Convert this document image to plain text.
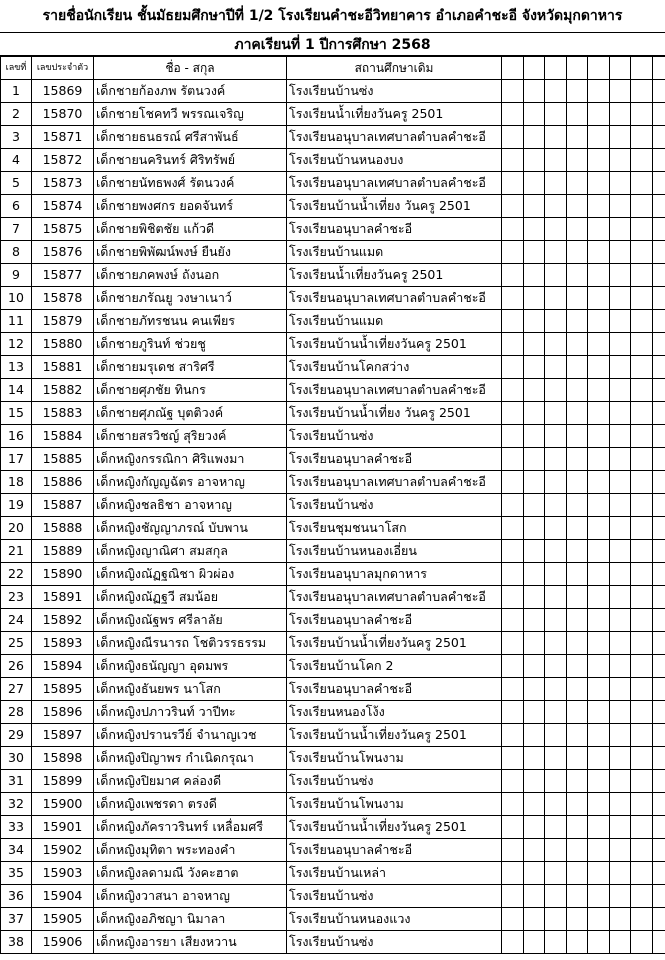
รายชื่อนักเรียน ชั้นมัธยมศึกษาปีที่ 1/2 โรงเรียนคำชะอีวิทยาคาร อำเภอคำชะอี จังหวัดมุกดาหาร
ภาคเรียนที่ 1 ปีการศึกษา 2568
เลขที่	เลขประจำตัว	ชื่อ - สกุล	สถานศึกษาเดิม								
1	15869	เด็กชายก้องภพ รัตนวงค์	โรงเรียนบ้านซ่ง								
2	15870	เด็กชายโชคทวี พรรณเจริญ	โรงเรียนน้ำเที่ยงวันครู 2501								
3	15871	เด็กชายธนธรณ์ ศรีสาพันธ์	โรงเรียนอนุบาลเทศบาลตำบลคำชะอี								
4	15872	เด็กชายนครินทร์ ศิริทรัพย์	โรงเรียนบ้านหนองบง								
5	15873	เด็กชายนัทธพงศ์ รัตนวงค์	โรงเรียนอนุบาลเทศบาลตำบลคำชะอี								
6	15874	เด็กชายพงศกร ยอดจันทร์	โรงเรียนบ้านน้ำเที่ยง วันครู 2501								
7	15875	เด็กชายพิชิตชัย แก้วดี	โรงเรียนอนุบาลคำชะอี								
8	15876	เด็กชายพิพัฒน์พงษ์ ยืนยัง	โรงเรียนบ้านแมด								
9	15877	เด็กชายภคพงษ์ ถังนอก	โรงเรียนน้ำเที่ยงวันครู 2501								
10	15878	เด็กชายภรัณยู วงษาเนาว์	โรงเรียนอนุบาลเทศบาลตำบลคำชะอี								
11	15879	เด็กชายภัทรชนน คนเพียร	โรงเรียนบ้านแมด								
12	15880	เด็กชายภูรินท์ ช่วยชู	โรงเรียนบ้านน้ำเที่ยงวันครู 2501								
13	15881	เด็กชายมรุเดช สาริศรี	โรงเรียนบ้านโคกสว่าง								
14	15882	เด็กชายศุภชัย ทินกร	โรงเรียนอนุบาลเทศบาลตำบลคำชะอี								
15	15883	เด็กชายศุภณัฐ บุตติวงค์	โรงเรียนบ้านน้ำเที่ยง วันครู 2501								
16	15884	เด็กชายสรวิชญ์ สุริยวงค์	โรงเรียนบ้านซ่ง								
17	15885	เด็กหญิงกรรณิกา ศิริแพงมา	โรงเรียนอนุบาลคำชะอี								
18	15886	เด็กหญิงกัญญฉัตร อาจหาญ	โรงเรียนอนุบาลเทศบาลตำบลคำชะอี								
19	15887	เด็กหญิงชลธิชา อาจหาญ	โรงเรียนบ้านซ่ง								
20	15888	เด็กหญิงชัญญาภรณ์ บับพาน	โรงเรียนชุมชนนาโสก								
21	15889	เด็กหญิงญาณิศา สมสกุล	โรงเรียนบ้านหนองเอี่ยน								
22	15890	เด็กหญิงณัฏฐณิชา ผิวผ่อง	โรงเรียนอนุบาลมุกดาหาร								
23	15891	เด็กหญิงณัฏฐวี สมน้อย	โรงเรียนอนุบาลเทศบาลตำบลคำชะอี								
24	15892	เด็กหญิงณัฐพร ศรีลาลัย	โรงเรียนอนุบาลคำชะอี								
25	15893	เด็กหญิงณีรนารถ โชติวรรธรรม	โรงเรียนบ้านน้ำเที่ยงวันครู 2501								
26	15894	เด็กหญิงธนัญญา อุดมพร	โรงเรียนบ้านโคก 2								
27	15895	เด็กหญิงธันยพร นาโสก	โรงเรียนอนุบาลคำชะอี								
28	15896	เด็กหญิงปภาวรินท์ วาปีทะ	โรงเรียนหนองโง้ง								
29	15897	เด็กหญิงปรานรวีย์ จำนาญเวช	โรงเรียนบ้านน้ำเที่ยงวันครู 2501								
30	15898	เด็กหญิงปิญาพร กำเนิดกรุณา	โรงเรียนบ้านโพนงาม								
31	15899	เด็กหญิงปิยมาศ คล่องดี	โรงเรียนบ้านซ่ง								
32	15900	เด็กหญิงเพชรดา ตรงดี	โรงเรียนบ้านโพนงาม								
33	15901	เด็กหญิงภัคราวรินทร์ เหลื่อมศรี	โรงเรียนบ้านน้ำเที่ยงวันครู 2501								
34	15902	เด็กหญิงมุทิตา พระทองคำ	โรงเรียนอนุบาลคำชะอี								
35	15903	เด็กหญิงลดามณี วังคะฮาต	โรงเรียนบ้านเหล่า								
36	15904	เด็กหญิงวาสนา อาจหาญ	โรงเรียนบ้านซ่ง								
37	15905	เด็กหญิงอภิชญา นิมาลา	โรงเรียนบ้านหนองแวง								
38	15906	เด็กหญิงอารยา เสียงหวาน	โรงเรียนบ้านซ่ง								
